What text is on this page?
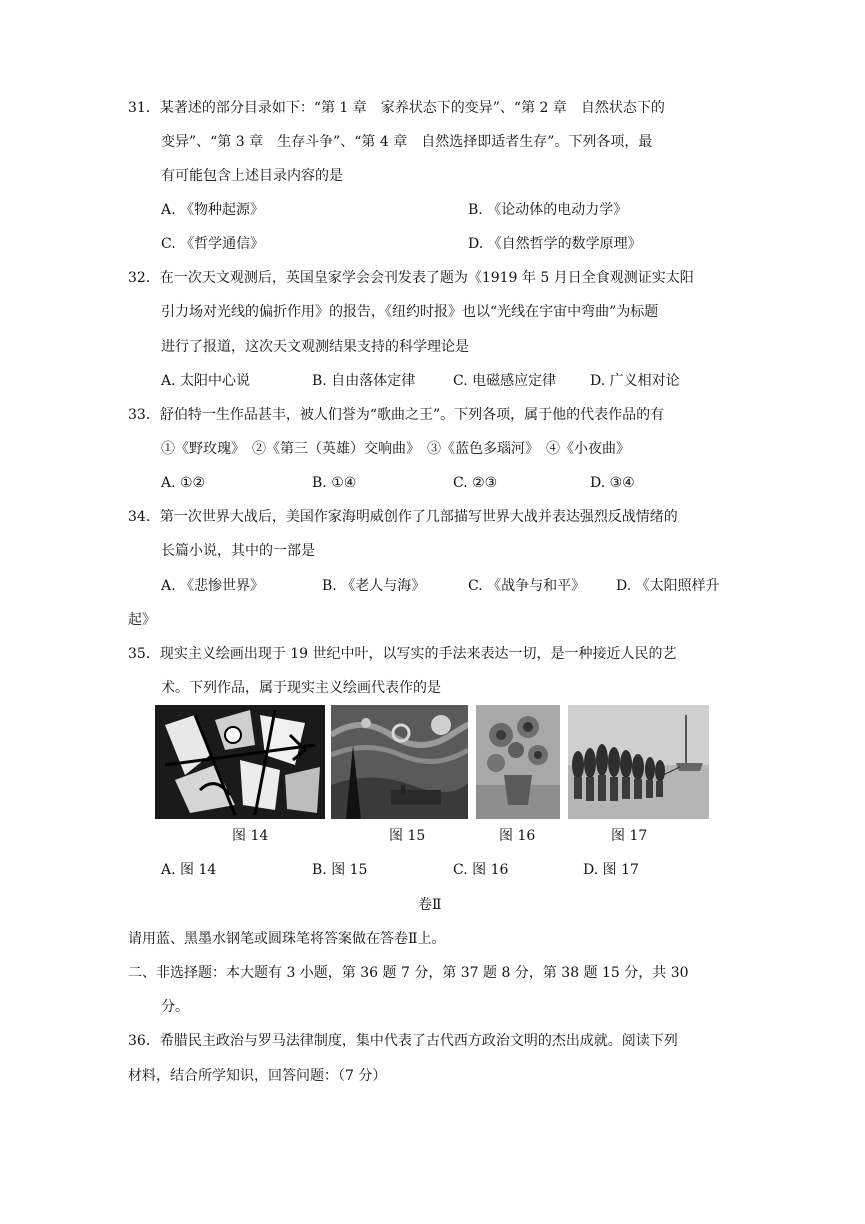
31．某著述的部分目录如下：“第 1 章　家养状态下的变异”、“第 2 章　自然状态下的
变异”、“第 3 章　生存斗争”、“第 4 章　自然选择即适者生存”。下列各项，最
有可能包含上述目录内容的是
A. 《物种起源》	B. 《论动体的电动力学》
C. 《哲学通信》	D. 《自然哲学的数学原理》
32．在一次天文观测后，英国皇家学会会刊发表了题为《1919 年 5 月日全食观测证实太阳
引力场对光线的偏折作用》的报告，《纽约时报》也以“光线在宇宙中弯曲”为标题
进行了报道，这次天文观测结果支持的科学理论是
A. 太阳中心说	B. 自由落体定律	C. 电磁感应定律 D. 广义相对论
33．舒伯特一生作品甚丰，被人们誉为“歌曲之王”。下列各项，属于他的代表作品的有
①《野玫瑰》　②《第三（英雄）交响曲》　③《蓝色多瑙河》　④《小夜曲》
A. ①②	B. ①④	C. ②③	D. ③④
34．第一次世界大战后，美国作家海明威创作了几部描写世界大战并表达强烈反战情绪的
长篇小说，其中的一部是
A. 《悲惨世界》	B. 《老人与海》	C. 《战争与和平》 D. 《太阳照样升
起》
35．现实主义绘画出现于 19 世纪中叶，以写实的手法来表达一切，是一种接近人民的艺
术。下列作品，属于现实主义绘画代表作的是
图 14	图 15	图 16	图 17
A. 图 14	B. 图 15	C. 图 16	D. 图 17
卷Ⅱ
请用蓝、黑墨水钢笔或圆珠笔将答案做在答卷Ⅱ上。
二、非选择题：本大题有 3 小题，第 36 题 7 分，第 37 题 8 分，第 38 题 15 分，共 30
分。
36．希腊民主政治与罗马法律制度，集中代表了古代西方政治文明的杰出成就。阅读下列
材料，结合所学知识，回答问题：（7 分）
